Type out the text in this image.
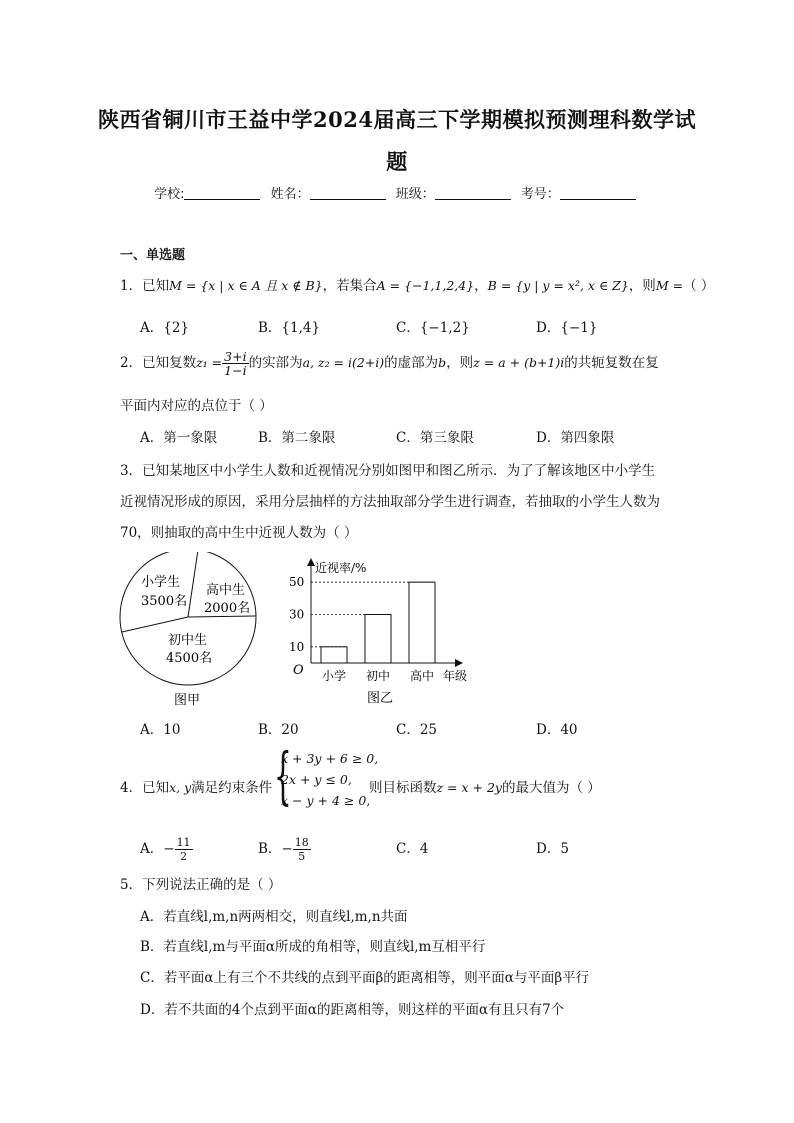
陕西省铜川市王益中学2024届高三下学期模拟预测理科数学试
题
学校:	姓名：	班级：	考号：
一、单选题
1．已知M = {x | x ∈ A 且 x ∉ B}，若集合A = {−1,1,2,4}，B = {y | y = x², x ∈ Z}，则M =（ ）
A．{2}	B．{1,4}	C．{−1,2}	D．{−1}
2．已知复数$z_1 = \frac{3+i}{1-i}$ 的实部为a, z₂ = i(2+i)的虚部为b，则z = a + (b+1)i的共轭复数在复
平面内对应的点位于（ ）
A．第一象限	B．第二象限	C．第三象限	D．第四象限
3．已知某地区中小学生人数和近视情况分别如图甲和图乙所示．为了了解该地区中小学生
近视情况形成的原因，采用分层抽样的方法抽取部分学生进行调查，若抽取的小学生人数为
70，则抽取的高中生中近视人数为（ ）
小学生
3500名
高中生
2000名
初中生
4500名
图甲
近视率/%
年级
O
10
30
50
小学 初中 高中
图乙
A．10	B．20	C．25	D．40
4．已知x, y满足约束条件 {
x + 3y + 6 ≥ 0,
2x + y ≤ 0,
x − y + 4 ≥ 0,
则目标函数z = x + 2y的最大值为（ ）
A．− $\frac{11}{2}$	B．− $\frac{18}{5}$	C．4	D．5
5．下列说法正确的是（ ）
A．若直线l,m,n两两相交，则直线l,m,n共面
B．若直线l,m与平面α所成的角相等，则直线l,m互相平行
C．若平面α上有三个不共线的点到平面β的距离相等，则平面α与平面β平行
D．若不共面的4个点到平面α的距离相等，则这样的平面α有且只有7个
